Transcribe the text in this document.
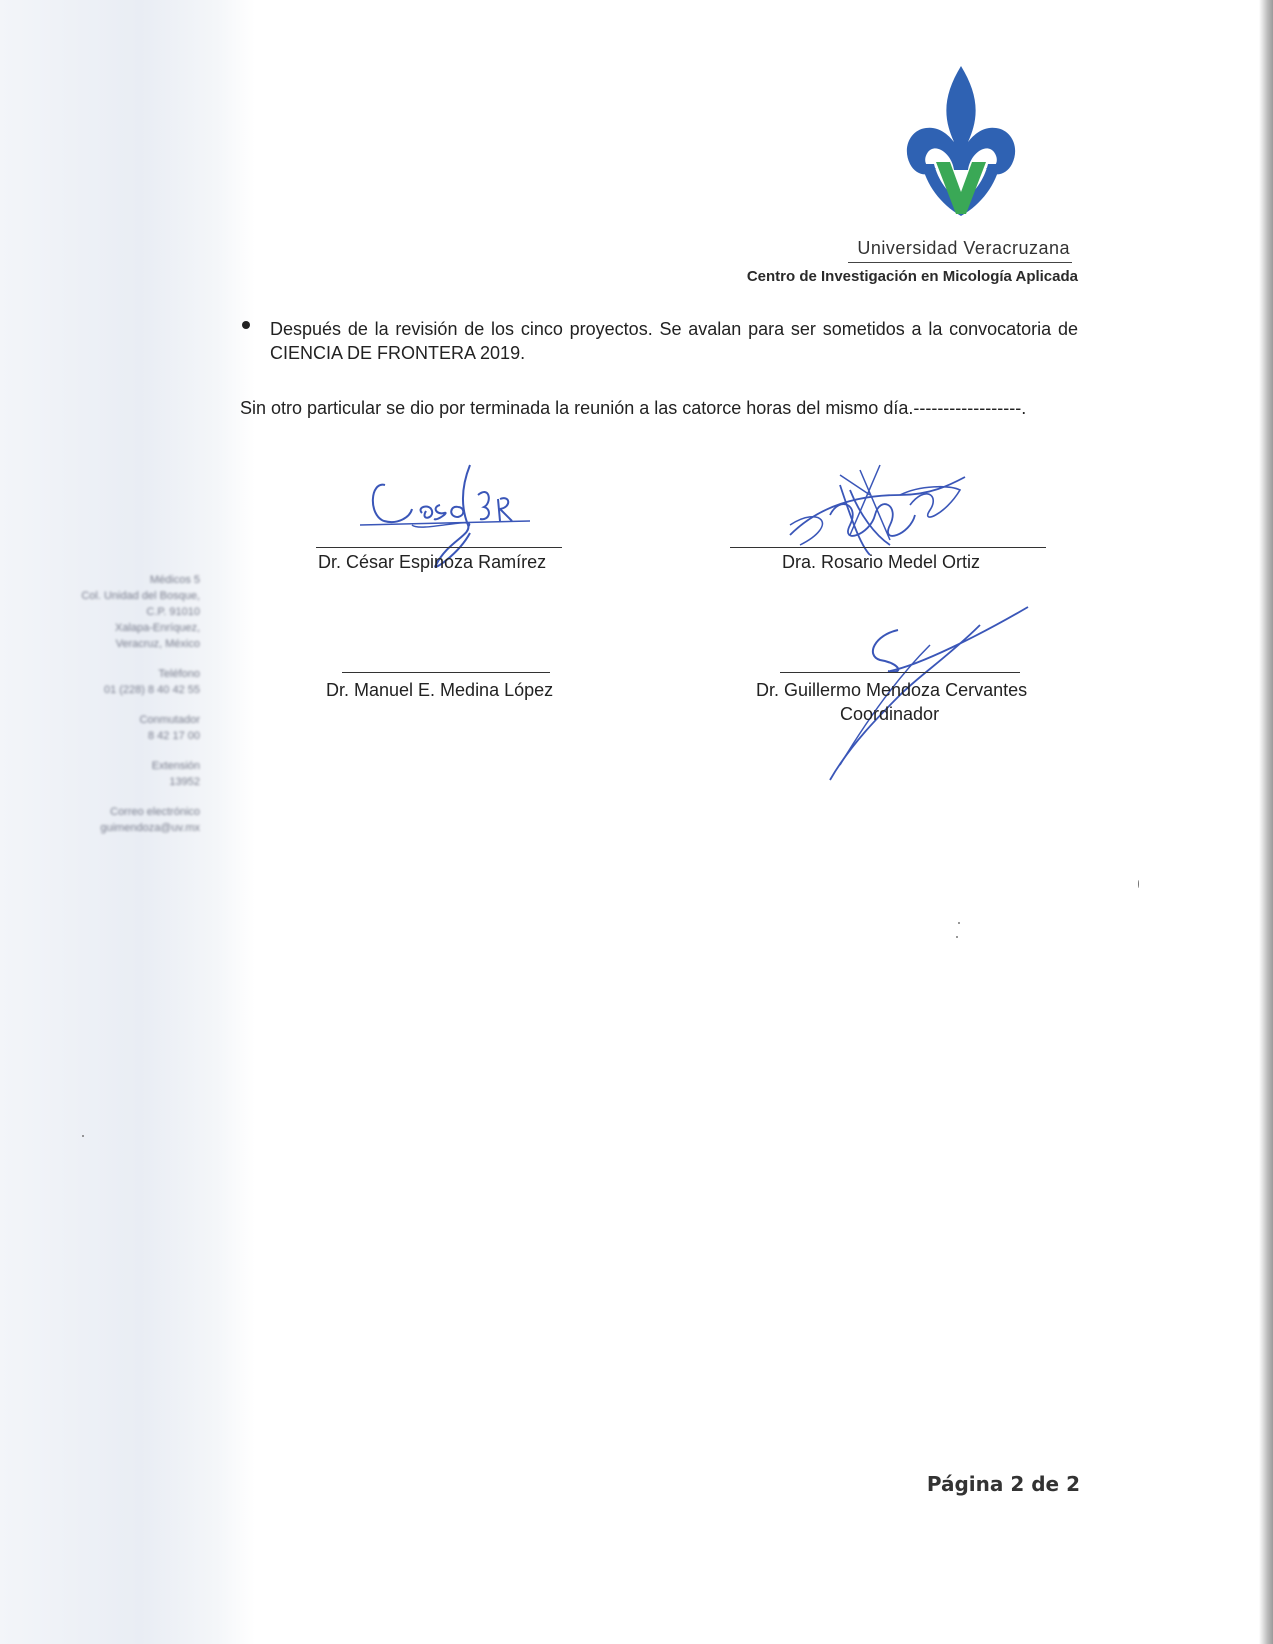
Universidad Veracruzana
Centro de Investigación en Micología Aplicada
Después de la revisión de los cinco proyectos. Se avalan para ser sometidos a la convocatoria de CIENCIA DE FRONTERA 2019.
Sin otro particular se dio por terminada la reunión a las catorce horas del mismo día.------------------.
Dr. César Espinoza Ramírez	Dra. Rosario Medel Ortiz
Dr. Manuel E. Medina López	Dr. Guillermo Mendoza Cervantes
Coordinador
Médicos 5
Col. Unidad del Bosque,
C.P. 91010
Xalapa-Enríquez,
Veracruz, México
Teléfono
01 (228) 8 40 42 55
Conmutador
8 42 17 00
Extensión
13952
Correo electrónico
guimendoza@uv.mx
Página 2 de 2
